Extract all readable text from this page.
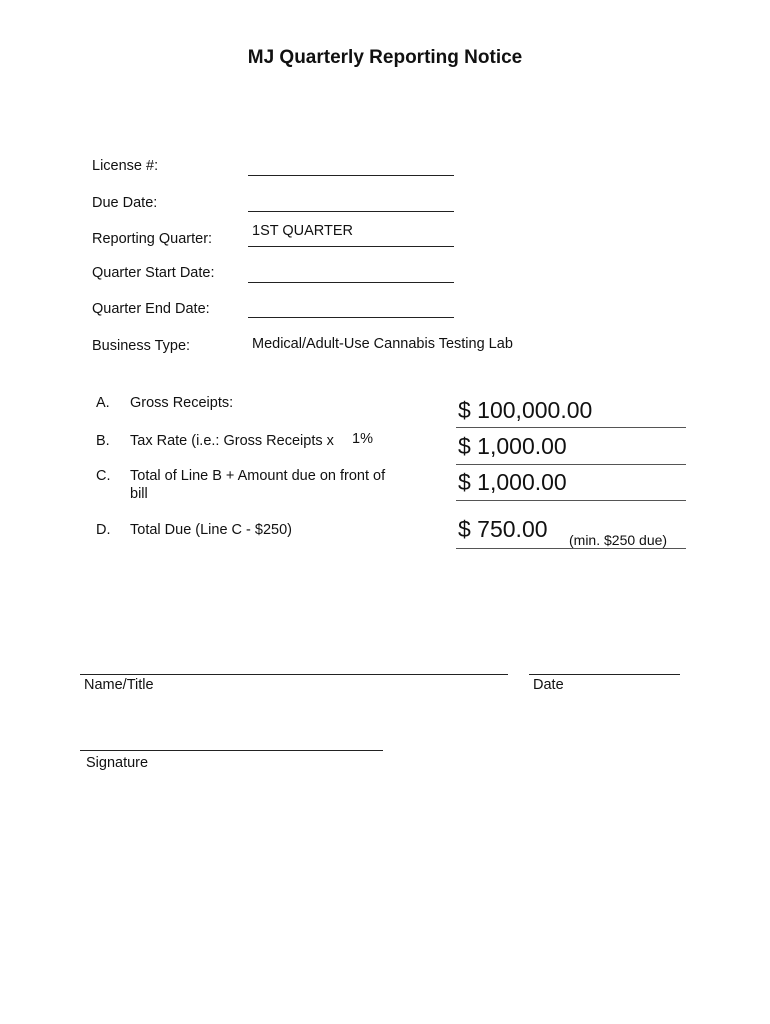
MJ Quarterly Reporting Notice
License #:
Due Date:
Reporting Quarter:	1ST QUARTER
Quarter Start Date:
Quarter End Date:
Business Type:	Medical/Adult-Use Cannabis Testing Lab
A. Gross Receipts:	$ 100,000.00
B. Tax Rate (i.e.: Gross Receipts x 1%	$ 1,000.00
C. Total of Line B + Amount due on front of
bill	$ 1,000.00
D. Total Due (Line C - $250)	$ 750.00 (min. $250 due)
Name/Title	Date
Signature
